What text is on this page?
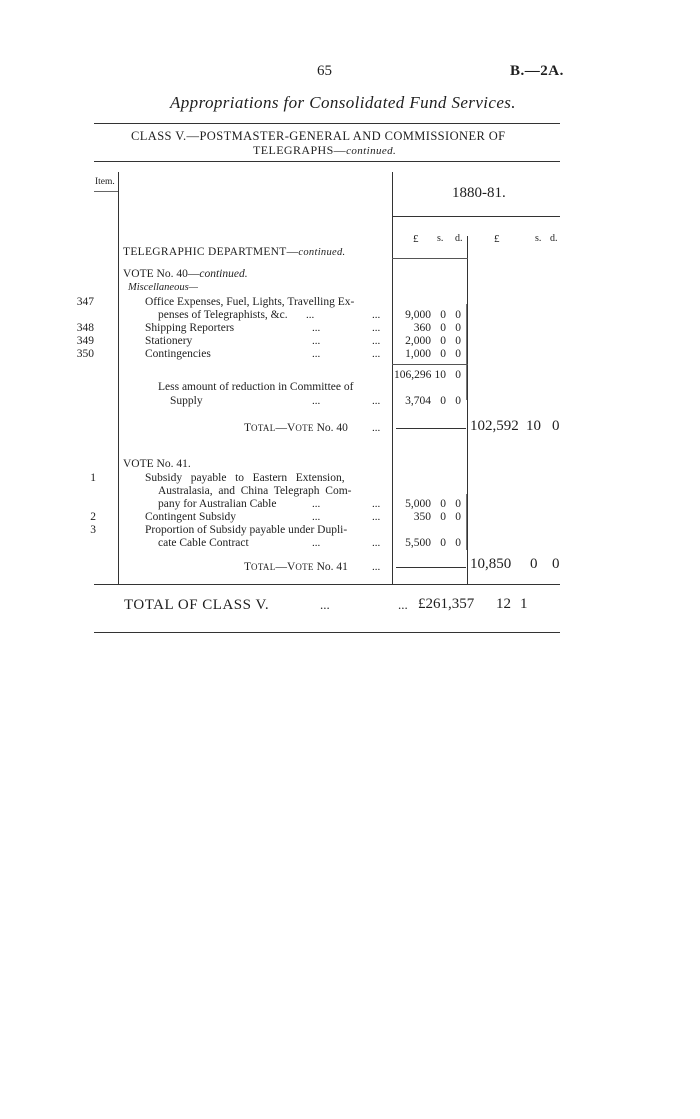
65	B.—2A.
Appropriations for Consolidated Fund Services.
CLASS V.—POSTMASTER-GENERAL AND COMMISSIONER OF
TELEGRAPHS—continued.
Item.
1880-81.
£ s. d.	£	s. d.
TELEGRAPHIC DEPARTMENT—continued.
VOTE No. 40—continued.
Miscellaneous—
347	Office Expenses, Fuel, Lights, Travelling Ex-
penses of Telegraphists, &c. ...	...	9,000 0 0
348	Shipping Reporters	...	...	360 0 0
349	Stationery	...	...	2,000 0 0
350	Contingencies	...	...	1,000 0 0
106,296 10 0
Less amount of reduction in Committee of
Supply	...	...	3,704 0 0
TOTAL—VOTE No. 40 ...	102,592 10 0
VOTE No. 41.
1	Subsidy   payable   to   Eastern   Extension,
Australasia,  and  China  Telegraph  Com-
pany for Australian Cable	...	...	5,000 0 0
2	Contingent Subsidy	...	...	350 0 0
3	Proportion of Subsidy payable under Dupli-
cate Cable Contract	...	...	5,500 0 0
TOTAL—VOTE No. 41 ...	10,850 0 0
TOTAL OF CLASS V.	...	... £261,357 12 1
